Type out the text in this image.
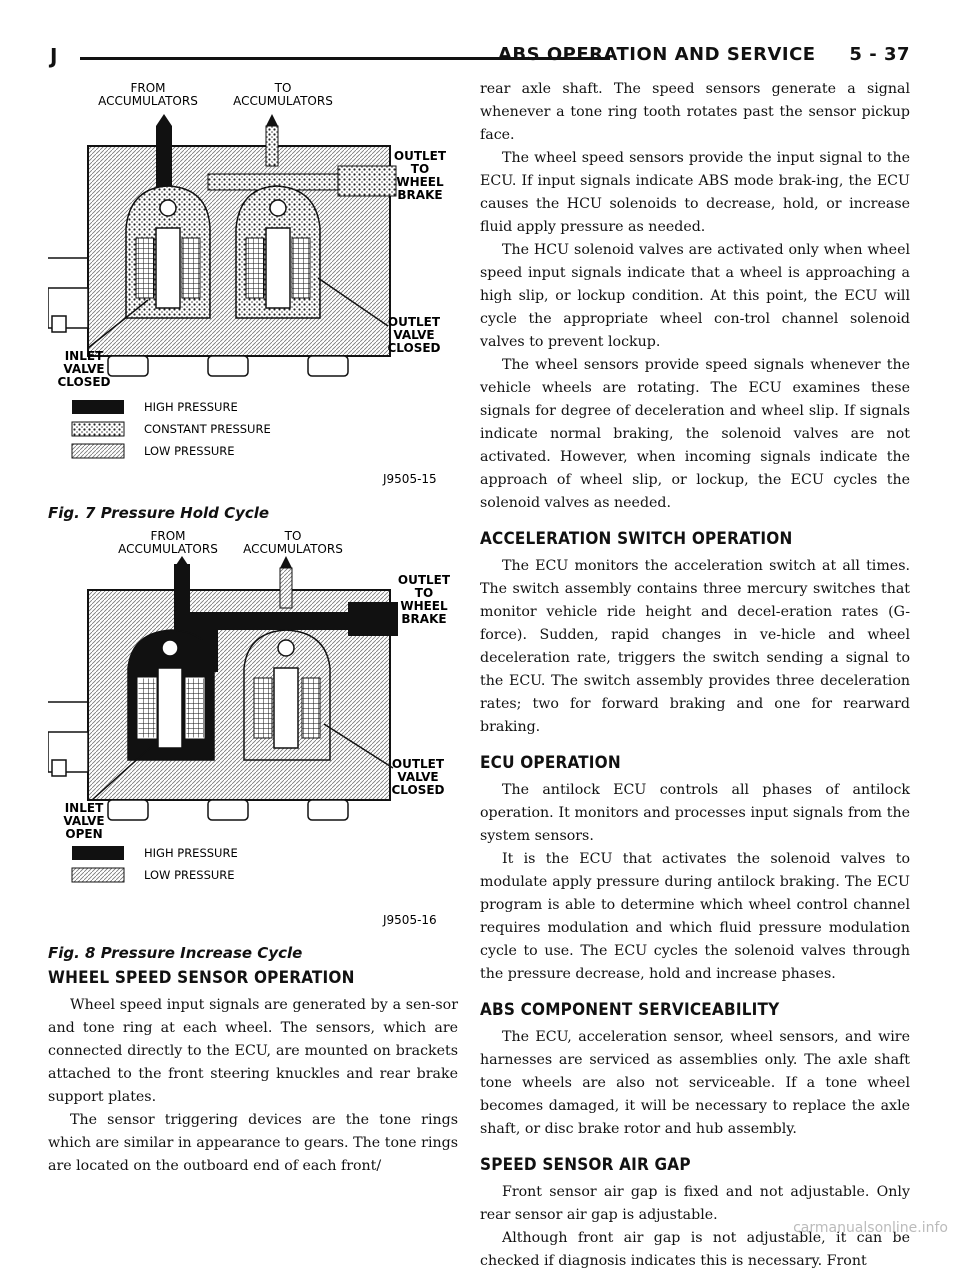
J	ABS OPERATION AND SERVICE     5 - 37
FROM ACCUMULATORS
TO ACCUMULATORS
OUTLET TO WHEEL BRAKE
OUTLET VALVE CLOSED
INLET VALVE CLOSED
HIGH PRESSURE
CONSTANT PRESSURE
LOW PRESSURE
J9505-15
Fig. 7 Pressure Hold Cycle
FROM ACCUMULATORS
TO ACCUMULATORS
OUTLET TO WHEEL BRAKE
OUTLET VALVE CLOSED
INLET VALVE OPEN
HIGH PRESSURE
LOW PRESSURE
J9505-16
Fig. 8 Pressure Increase Cycle
WHEEL SPEED SENSOR OPERATION

Wheel speed input signals are generated by a sen-sor and tone ring at each wheel. The sensors, which are connected directly to the ECU, are mounted on brackets attached to the front steering knuckles and rear brake support plates.

The sensor triggering devices are the tone rings which are similar in appearance to gears. The tone rings are located on the outboard end of each front/

rear axle shaft. The speed sensors generate a signal whenever a tone ring tooth rotates past the sensor pickup face.

The wheel speed sensors provide the input signal to the ECU. If input signals indicate ABS mode brak-ing, the ECU causes the HCU solenoids to decrease, hold, or increase fluid apply pressure as needed.

The HCU solenoid valves are activated only when wheel speed input signals indicate that a wheel is approaching a high slip, or lockup condition. At this point, the ECU will cycle the appropriate wheel con-trol channel solenoid valves to prevent lockup.

The wheel sensors provide speed signals whenever the vehicle wheels are rotating. The ECU examines these signals for degree of deceleration and wheel slip. If signals indicate normal braking, the solenoid valves are not activated. However, when incoming signals indicate the approach of wheel slip, or lockup, the ECU cycles the solenoid valves as needed.

ACCELERATION SWITCH OPERATION

The ECU monitors the acceleration switch at all times. The switch assembly contains three mercury switches that monitor vehicle ride height and decel-eration rates (G-force). Sudden, rapid changes in ve-hicle and wheel deceleration rate, triggers the switch sending a signal to the ECU. The switch assembly provides three deceleration rates; two for forward braking and one for rearward braking.

ECU OPERATION

The antilock ECU controls all phases of antilock operation. It monitors and processes input signals from the system sensors.

It is the ECU that activates the solenoid valves to modulate apply pressure during antilock braking. The ECU program is able to determine which wheel control channel requires modulation and which fluid pressure modulation cycle to use. The ECU cycles the solenoid valves through the pressure decrease, hold and increase phases.

ABS COMPONENT SERVICEABILITY

The ECU, acceleration sensor, wheel sensors, and wire harnesses are serviced as assemblies only. The axle shaft tone wheels are also not serviceable. If a tone wheel becomes damaged, it will be necessary to replace the axle shaft, or disc brake rotor and hub assembly.

SPEED SENSOR AIR GAP

Front sensor air gap is fixed and not adjustable. Only rear sensor air gap is adjustable.

Although front air gap is not adjustable, it can be checked if diagnosis indicates this is necessary. Front

carmanualsonline.info
